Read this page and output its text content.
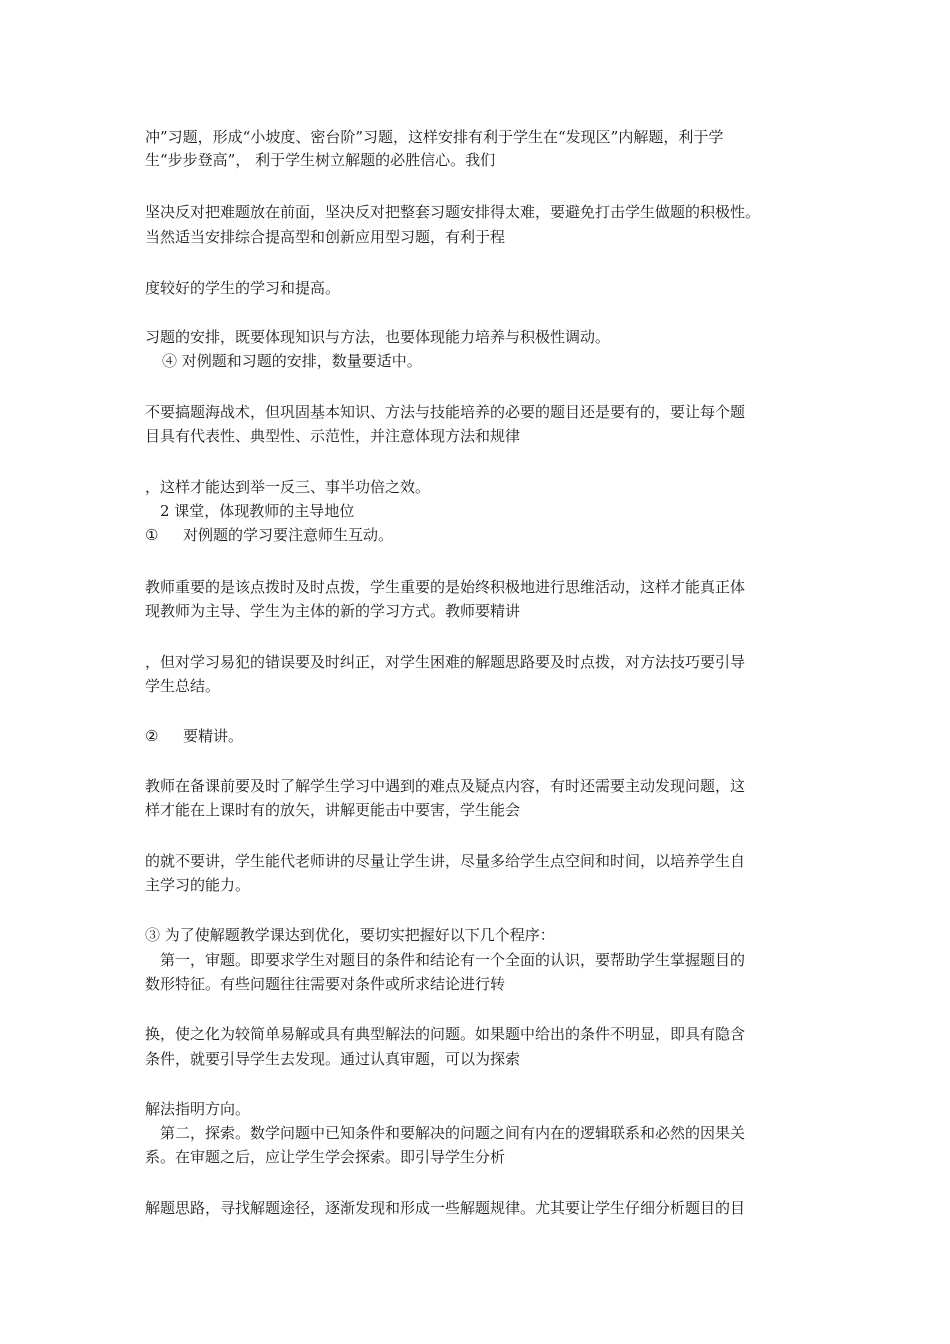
冲”习题，形成“小坡度、密台阶”习题，这样安排有利于学生在“发现区”内解题，利于学

生“步步登高”， 利于学生树立解题的必胜信心。我们

坚决反对把难题放在前面，坚决反对把整套习题安排得太难，要避免打击学生做题的积极性。

当然适当安排综合提高型和创新应用型习题，有利于程

度较好的学生的学习和提高。

习题的安排，既要体现知识与方法，也要体现能力培养与积极性调动。

④ 对例题和习题的安排，数量要适中。

不要搞题海战术，但巩固基本知识、方法与技能培养的必要的题目还是要有的，要让每个题

目具有代表性、典型性、示范性，并注意体现方法和规律

，这样才能达到举一反三、事半功倍之效。

2 课堂，体现教师的主导地位

① 对例题的学习要注意师生互动。

教师重要的是该点拨时及时点拨，学生重要的是始终积极地进行思维活动，这样才能真正体

现教师为主导、学生为主体的新的学习方式。教师要精讲

，但对学习易犯的错误要及时纠正，对学生困难的解题思路要及时点拨，对方法技巧要引导

学生总结。

② 要精讲。

教师在备课前要及时了解学生学习中遇到的难点及疑点内容，有时还需要主动发现问题，这

样才能在上课时有的放矢，讲解更能击中要害，学生能会

的就不要讲，学生能代老师讲的尽量让学生讲，尽量多给学生点空间和时间，以培养学生自

主学习的能力。

③ 为了使解题教学课达到优化，要切实把握好以下几个程序：

第一，审题。即要求学生对题目的条件和结论有一个全面的认识，要帮助学生掌握题目的

数形特征。有些问题往往需要对条件或所求结论进行转

换，使之化为较简单易解或具有典型解法的问题。如果题中给出的条件不明显，即具有隐含

条件，就要引导学生去发现。通过认真审题，可以为探索

解法指明方向。

第二，探索。数学问题中已知条件和要解决的问题之间有内在的逻辑联系和必然的因果关

系。在审题之后，应让学生学会探索。即引导学生分析

解题思路，寻找解题途径，逐渐发现和形成一些解题规律。尤其要让学生仔细分析题目的目
